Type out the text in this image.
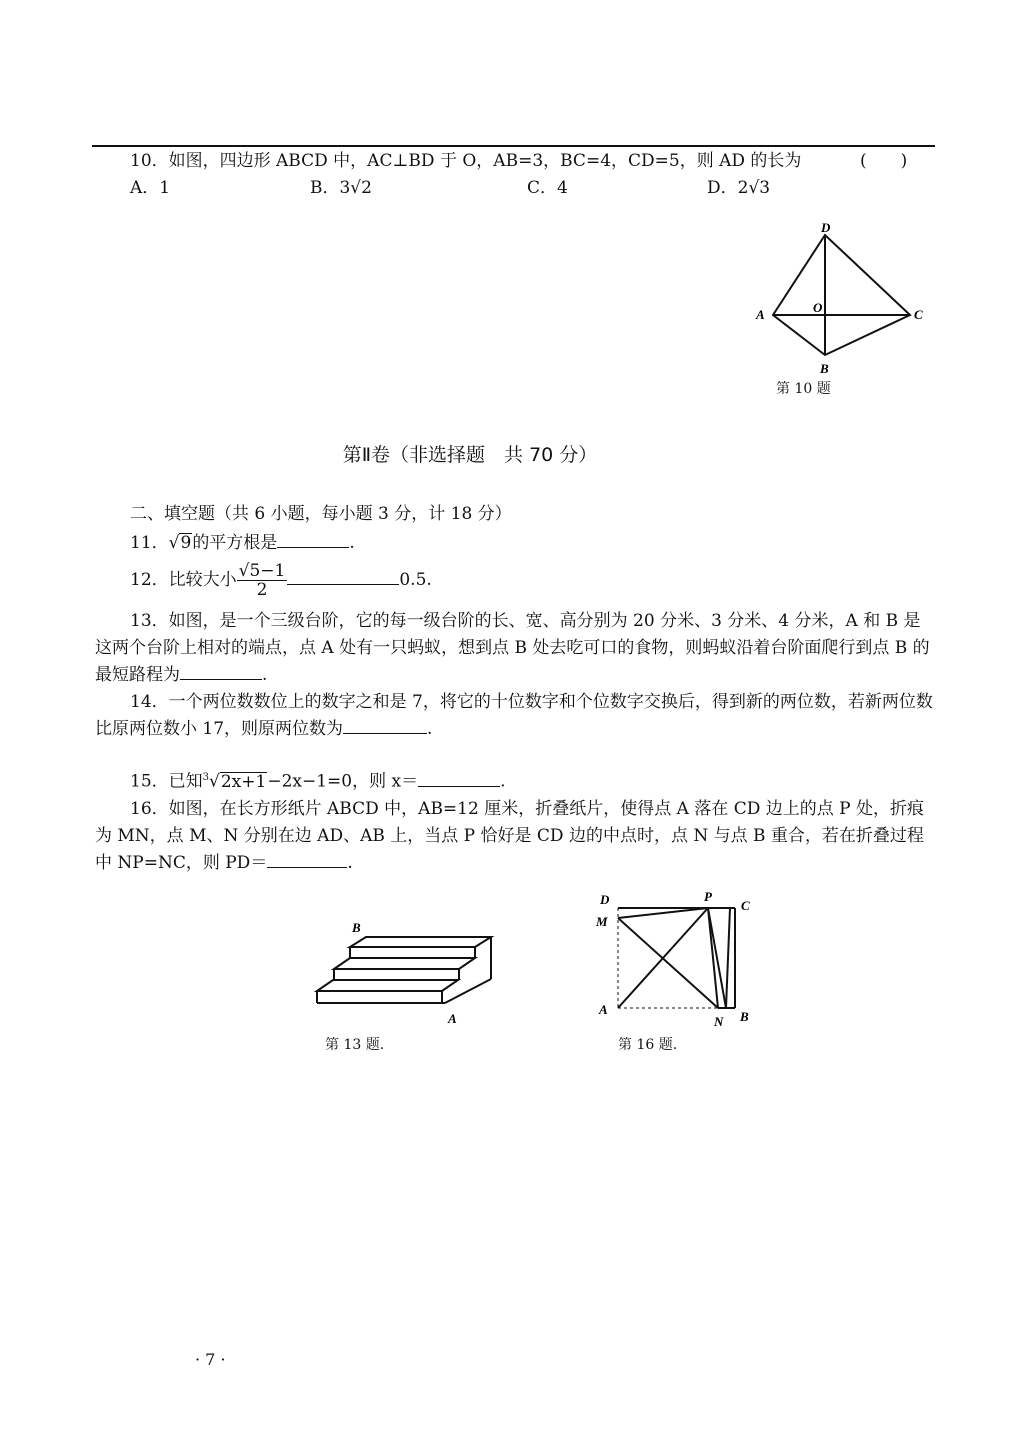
10．如图，四边形 ABCD 中，AC⊥BD 于 O，AB=3，BC=4，CD=5，则 AD 的长为	(　　)
A．1	B．3√2	C．4	D．2√3
D
O
A	C
B
第 10 题
第Ⅱ卷（非选择题　共 70 分）
二、填空题（共 6 小题，每小题 3 分，计 18 分）
11．√9的平方根是	.
12．比较大小 $\frac{√5-1}{2}$	0.5.
13．如图，是一个三级台阶，它的每一级台阶的长、宽、高分别为 20 分米、3 分米、4 分米，A 和 B 是这两个台阶上相对的端点，点 A 处有一只蚂蚁，想到点 B 处去吃可口的食物，则蚂蚁沿着台阶面爬行到点 B 的最短路程为	.
14．一个两位数数位上的数字之和是 7，将它的十位数字和个位数字交换后，得到新的两位数，若新两位数比原两位数小 17，则原两位数为	.
15．已知$^3$√2x+1−2x−1=0，则 x＝	.
16．如图，在长方形纸片 ABCD 中，AB=12 厘米，折叠纸片，使得点 A 落在 CD 边上的点 P 处，折痕为 MN，点 M、N 分别在边 AD、AB 上，当点 P 恰好是 CD 边的中点时，点 N 与点 B 重合，若在折叠过程中 NP=NC，则 PD＝	.
B
A
第 13 题.
D	P
C
M
A
N B
第 16 题.
· 7 ·
